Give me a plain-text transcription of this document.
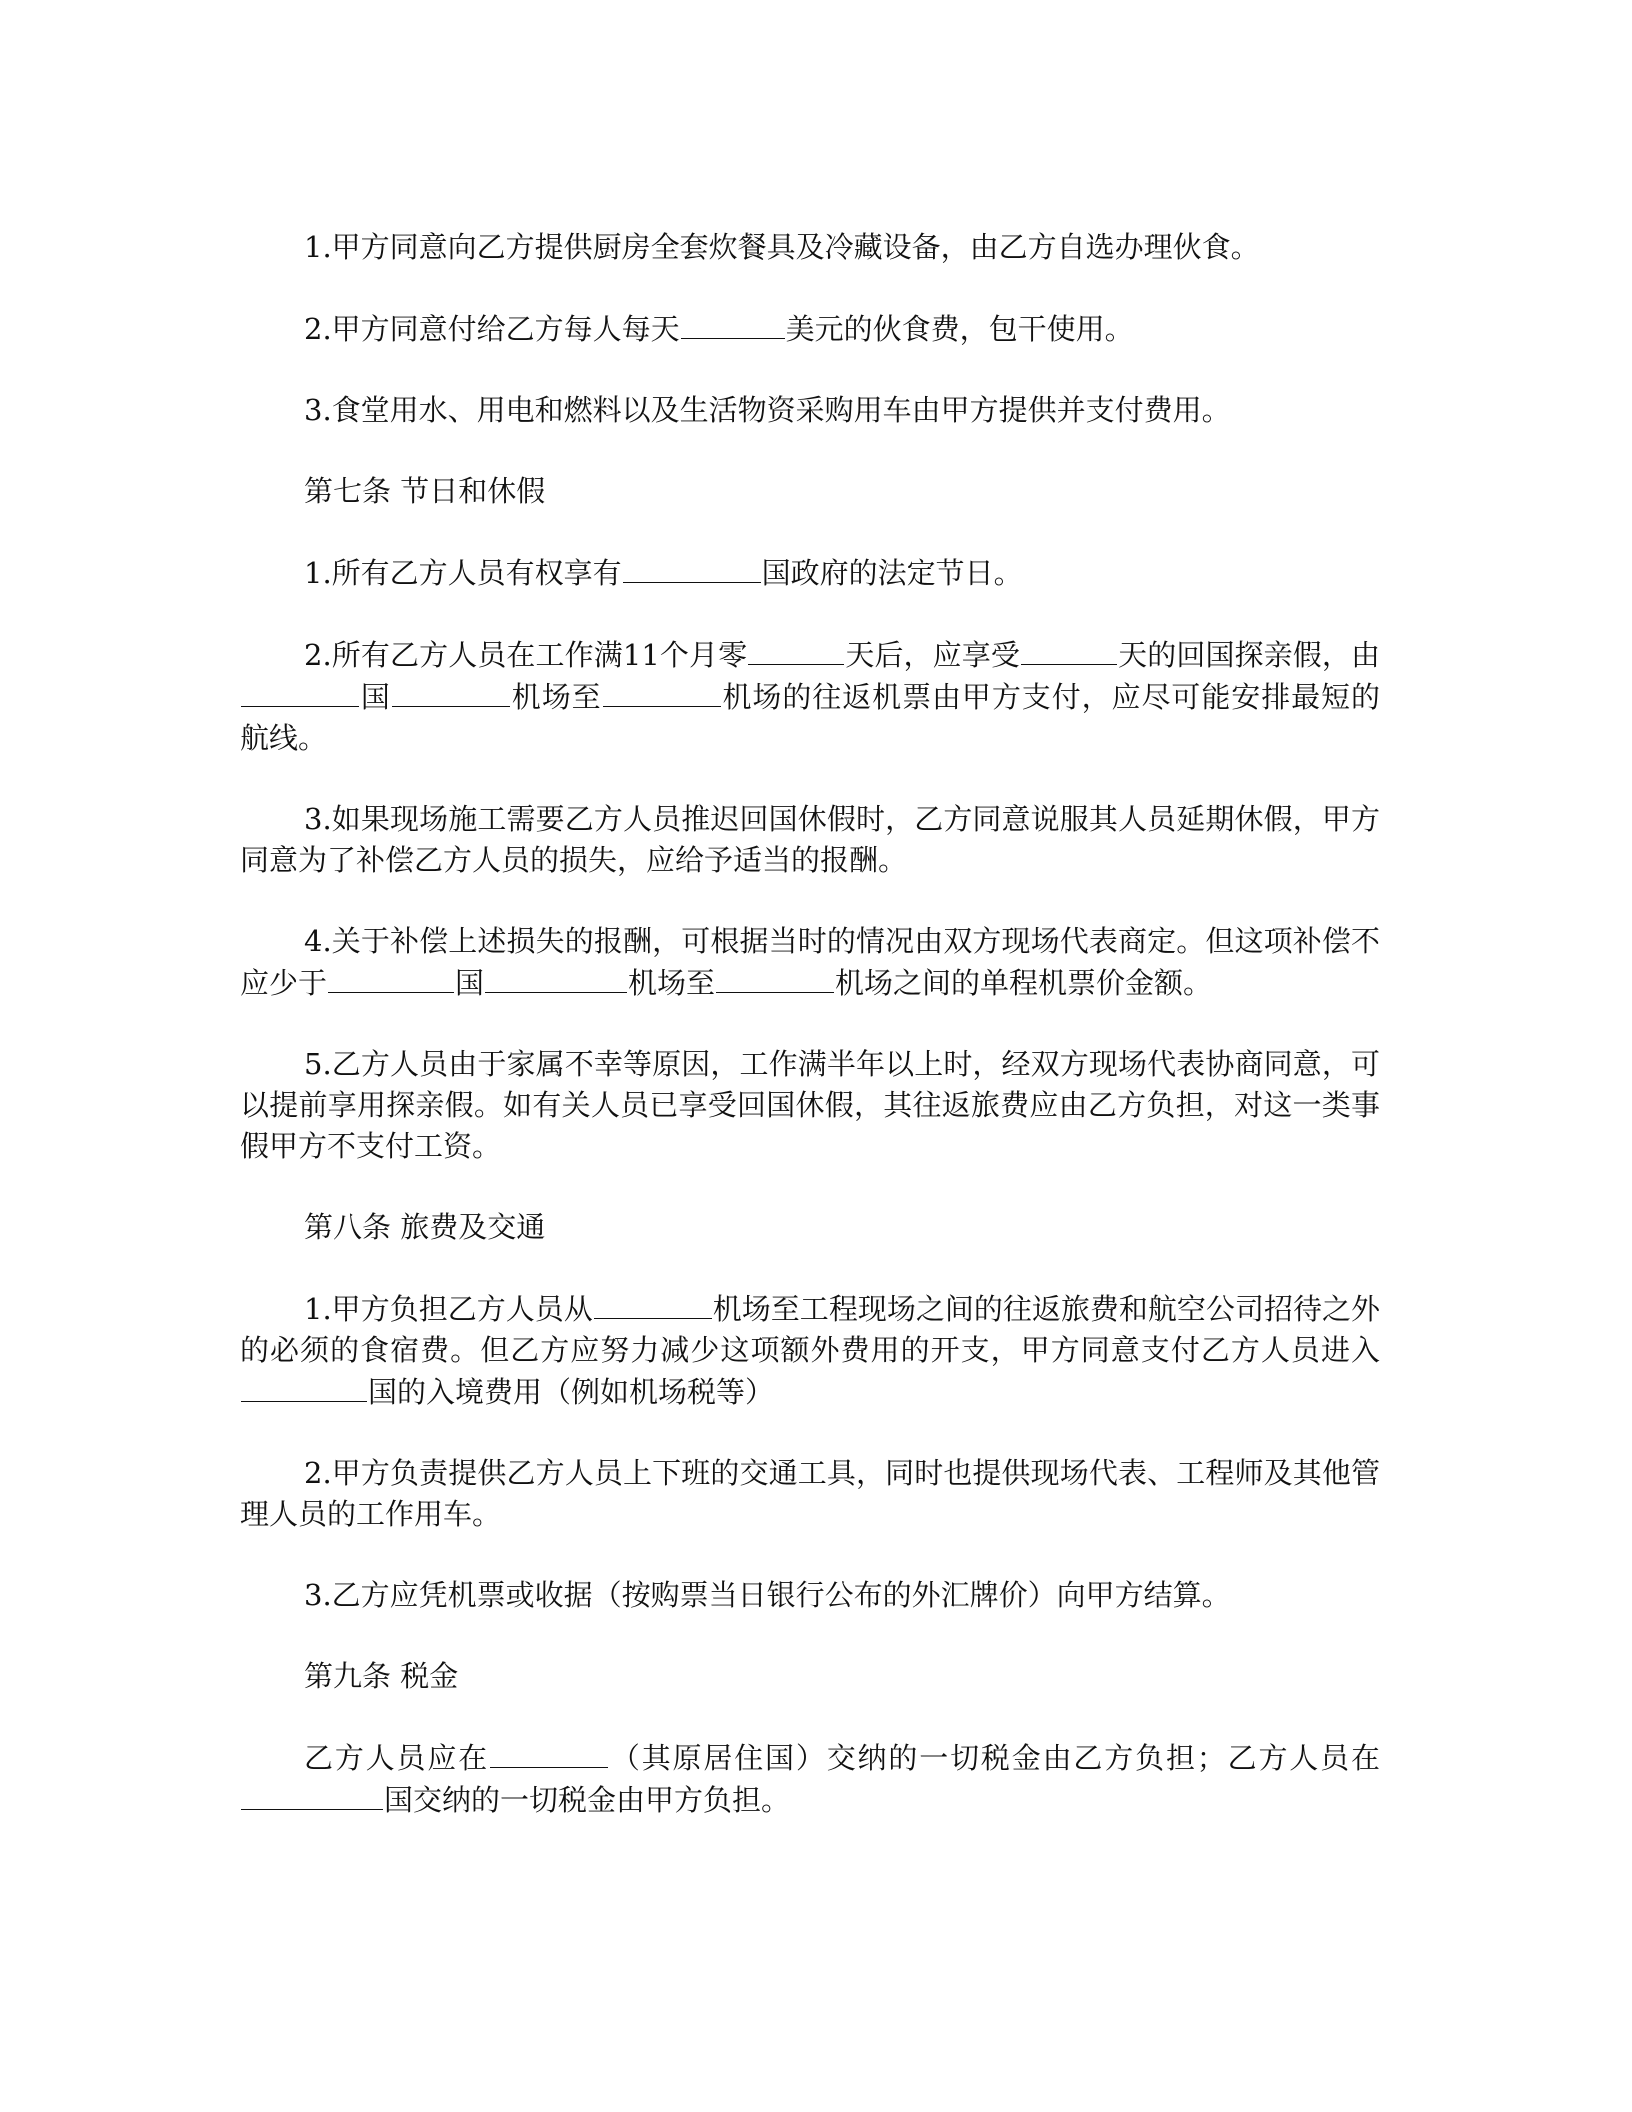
1.甲方同意向乙方提供厨房全套炊餐具及冷藏设备，由乙方自选办理伙食。

2.甲方同意付给乙方每人每天	美元的伙食费，包干使用。

3.食堂用水、用电和燃料以及生活物资采购用车由甲方提供并支付费用。

第七条 节日和休假

1.所有乙方人员有权享有	国政府的法定节日。

2.所有乙方人员在工作满11个月零	天后，应享受	天的回国探亲假，由国	机场至	机场的往返机票由甲方支付，应尽可能安排最短的航线。

3.如果现场施工需要乙方人员推迟回国休假时，乙方同意说服其人员延期休假，甲方同意为了补偿乙方人员的损失，应给予适当的报酬。

4.关于补偿上述损失的报酬，可根据当时的情况由双方现场代表商定。但这项补偿不应少于	国	机场至	机场之间的单程机票价金额。

5.乙方人员由于家属不幸等原因，工作满半年以上时，经双方现场代表协商同意，可以提前享用探亲假。如有关人员已享受回国休假，其往返旅费应由乙方负担，对这一类事假甲方不支付工资。

第八条 旅费及交通

1.甲方负担乙方人员从	机场至工程现场之间的往返旅费和航空公司招待之外的必须的食宿费。但乙方应努力减少这项额外费用的开支，甲方同意支付乙方人员进入国的入境费用（例如机场税等）

2.甲方负责提供乙方人员上下班的交通工具，同时也提供现场代表、工程师及其他管理人员的工作用车。

3.乙方应凭机票或收据（按购票当日银行公布的外汇牌价）向甲方结算。

第九条 税金

乙方人员应在	（其原居住国）交纳的一切税金由乙方负担；乙方人员在国交纳的一切税金由甲方负担。
